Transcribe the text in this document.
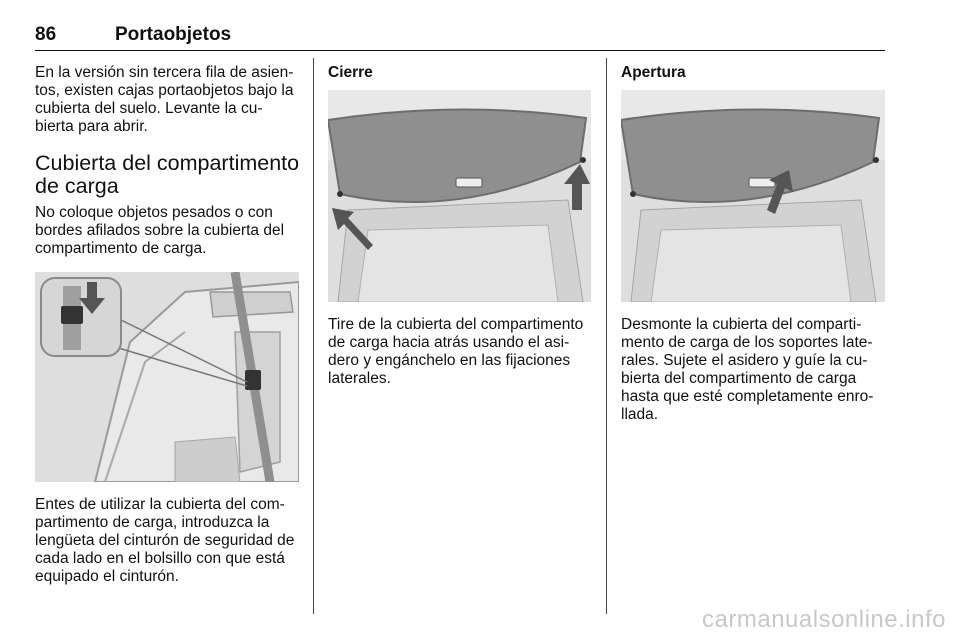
86	Portaobjetos

En la versión sin tercera fila de asien-
tos, existen cajas portaobjetos bajo la
cubierta del suelo. Levante la cu-
bierta para abrir.

Cubierta del compartimento
de carga

No coloque objetos pesados o con
bordes afilados sobre la cubierta del
compartimento de carga.

Entes de utilizar la cubierta del com-
partimento de carga, introduzca la
lengüeta del cinturón de seguridad de
cada lado en el bolsillo con que está
equipado el cinturón.

Cierre

Tire de la cubierta del compartimento
de carga hacia atrás usando el asi-
dero y engánchelo en las fijaciones
laterales.

Apertura

Desmonte la cubierta del comparti-
mento de carga de los soportes late-
rales. Sujete el asidero y guíe la cu-
bierta del compartimento de carga
hasta que esté completamente enro-
llada.

carmanualsonline.info
